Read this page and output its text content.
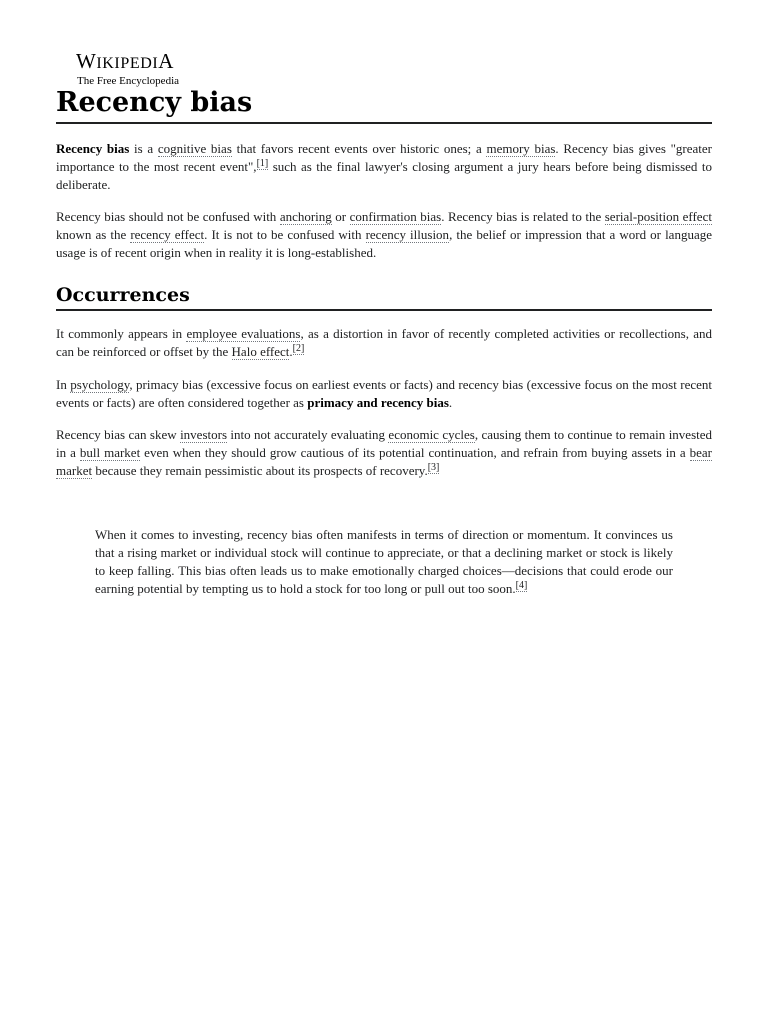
WIKIPEDIA
The Free Encyclopedia
Recency bias

Recency bias is a cognitive bias that favors recent events over historic ones; a memory bias. Recency bias gives "greater importance to the most recent event",[1] such as the final lawyer's closing argument a jury hears before being dismissed to deliberate.

Recency bias should not be confused with anchoring or confirmation bias. Recency bias is related to the serial-position effect known as the recency effect. It is not to be confused with recency illusion, the belief or impression that a word or language usage is of recent origin when in reality it is long-established.

Occurrences

It commonly appears in employee evaluations, as a distortion in favor of recently completed activities or recollections, and can be reinforced or offset by the Halo effect.[2]

In psychology, primacy bias (excessive focus on earliest events or facts) and recency bias (excessive focus on the most recent events or facts) are often considered together as primacy and recency bias.

Recency bias can skew investors into not accurately evaluating economic cycles, causing them to continue to remain invested in a bull market even when they should grow cautious of its potential continuation, and refrain from buying assets in a bear market because they remain pessimistic about its prospects of recovery.[3]

When it comes to investing, recency bias often manifests in terms of direction or momentum. It convinces us that a rising market or individual stock will continue to appreciate, or that a declining market or stock is likely to keep falling. This bias often leads us to make emotionally charged choices—decisions that could erode our earning potential by tempting us to hold a stock for too long or pull out too soon.[4]
